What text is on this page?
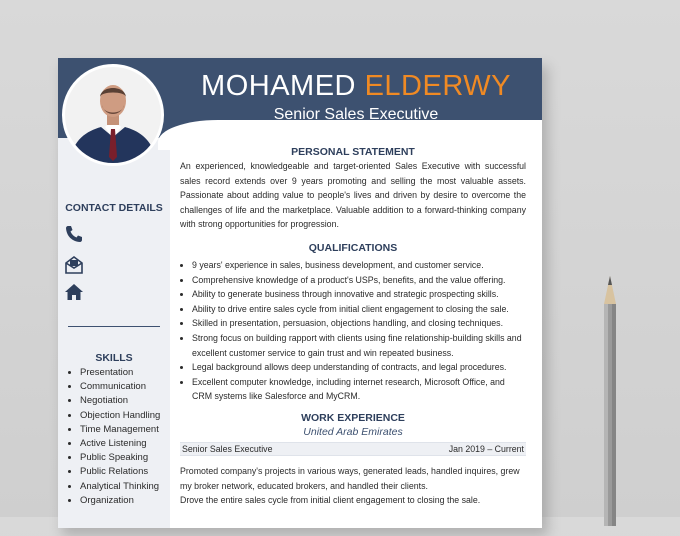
MOHAMED ELDERWY
Senior Sales Executive
CONTACT DETAILS
SKILLS
• Presentation
• Communication
• Negotiation
• Objection Handling
• Time Management
• Active Listening
• Public Speaking
• Public Relations
• Analytical Thinking
• Organization

PERSONAL STATEMENT

An experienced, knowledgeable and target-oriented Sales Executive with successful sales record extends over 9 years promoting and selling the most valuable assets. Passionate about adding value to people's lives and driven by desire to overcome the challenges of life and the marketplace. Valuable addition to a forward-thinking company with strong opportunities for progression.

QUALIFICATIONS

• 9 years' experience in sales, business development, and customer service.
• Comprehensive knowledge of a product's USPs, benefits, and the value offering.
• Ability to generate business through innovative and strategic prospecting skills.
• Ability to drive entire sales cycle from initial client engagement to closing the sale.
• Skilled in presentation, persuasion, objections handling, and closing techniques.
• Strong focus on building rapport with clients using fine relationship-building skills and excellent customer service to gain trust and win repeated business.
• Legal background allows deep understanding of contracts, and legal procedures.
• Excellent computer knowledge, including internet research, Microsoft Office, and CRM systems like Salesforce and MyCRM.

WORK EXPERIENCE

United Arab Emirates

Senior Sales Executive	Jan 2019 – Current
Promoted company's projects in various ways, generated leads, handled inquires, grew my broker network, educated brokers, and handled their clients.
Drove the entire sales cycle from initial client engagement to closing the sale.
